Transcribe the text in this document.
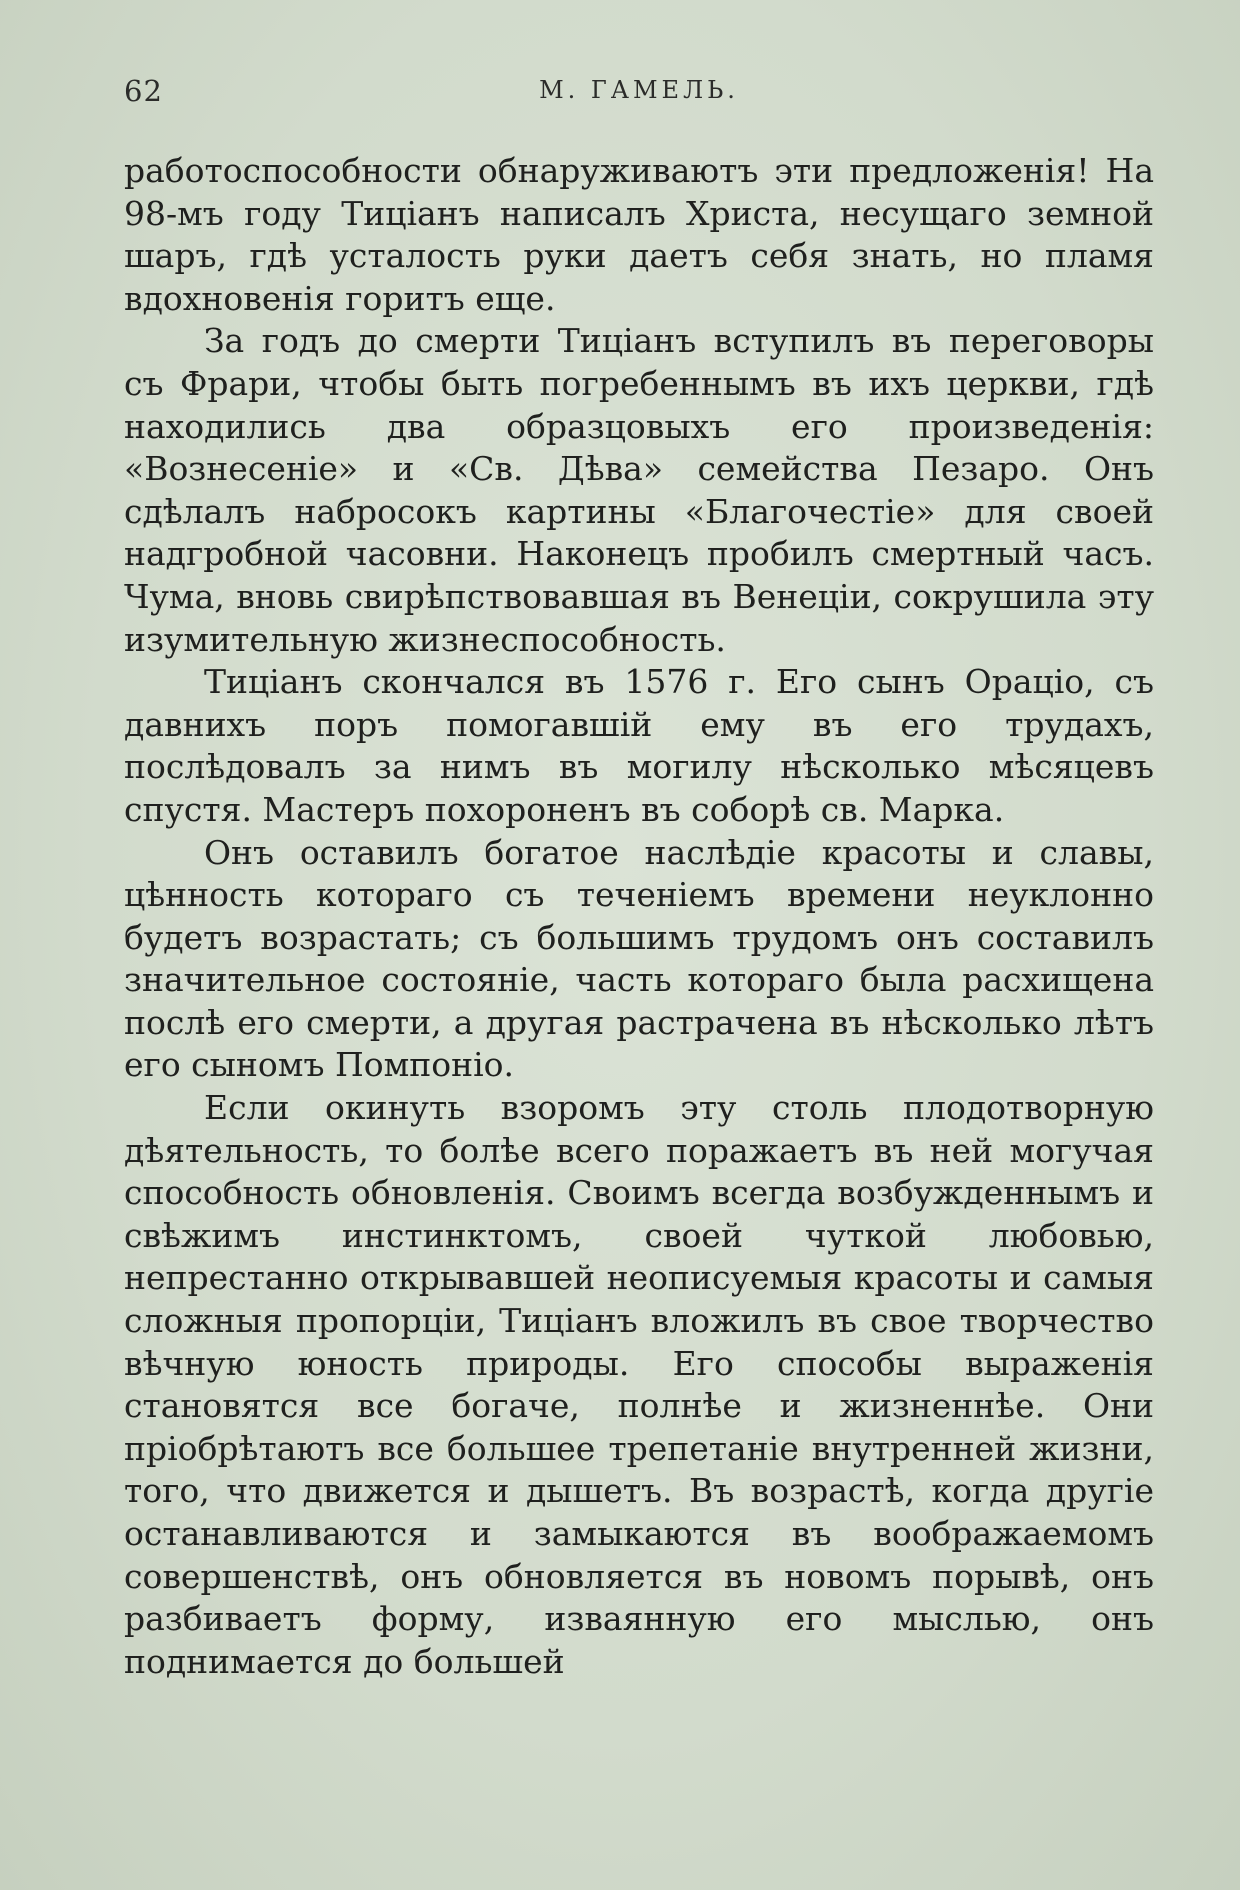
62	М. ГАМЕЛЬ.

работоспособности обнаруживаютъ эти предложенія! На 98-мъ году Тиціанъ написалъ Христа, несущаго земной шаръ, гдѣ усталость руки даетъ себя знать, но пламя вдохновенія горитъ еще.

За годъ до смерти Тиціанъ вступилъ въ переговоры съ Фрари, чтобы быть погребеннымъ въ ихъ церкви, гдѣ находились два образцовыхъ его произведенія: «Вознесеніе» и «Св. Дѣва» семейства Пезаро. Онъ сдѣлалъ набросокъ картины «Благочестіе» для своей надгробной часовни. Наконецъ пробилъ смертный часъ. Чума, вновь свирѣпствовавшая въ Венеціи, сокрушила эту изумительную жизнеспособность.

Тиціанъ скончался въ 1576 г. Его сынъ Oраціо, съ давнихъ поръ помогавшій ему въ его трудахъ, послѣдовалъ за нимъ въ могилу нѣсколько мѣсяцевъ спустя. Мастеръ похороненъ въ соборѣ св. Марка.

Онъ оставилъ богатое наслѣдіе красоты и славы, цѣнность котораго съ теченіемъ времени неуклонно будетъ возрастать; съ большимъ трудомъ онъ составилъ значительное состояніе, часть котораго была расхищена послѣ его смерти, а другая растрачена въ нѣсколько лѣтъ его сыномъ Помпоніо.

Если окинуть взоромъ эту столь плодотворную дѣятельность, то болѣе всего поражаетъ въ ней могучая способность обновленія. Своимъ всегда возбужденнымъ и свѣжимъ инстинктомъ, своей чуткой любовью, непрестанно открывавшей неописуемыя красоты и самыя сложныя пропорціи, Тиціанъ вложилъ въ свое творчество вѣчную юность природы. Его способы выраженія становятся все богаче, полнѣе и жизненнѣе. Они пріобрѣтаютъ все большее трепетаніе внутренней жизни, того, что движется и дышетъ. Въ возрастѣ, когда другіе останавливаются и замыкаются въ воображаемомъ совершенствѣ, онъ обновляется въ новомъ порывѣ, онъ разбиваетъ форму, изваянную его мыслью, онъ поднимается до большей
